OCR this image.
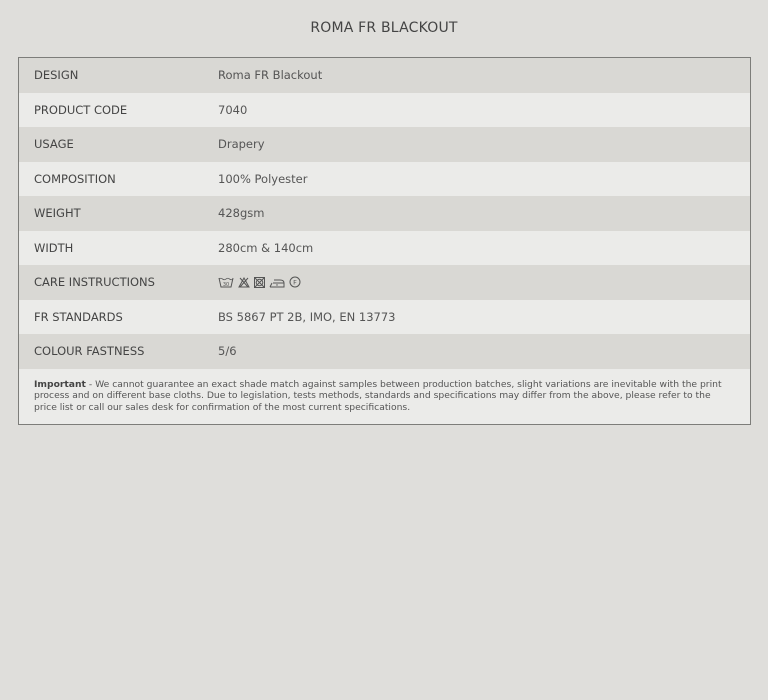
ROMA FR BLACKOUT
DESIGN	Roma FR Blackout
PRODUCT CODE	7040
USAGE	Drapery
COMPOSITION	100% Polyester
WEIGHT	428gsm
WIDTH	280cm & 140cm
CARE INSTRUCTIONS	30	F
FR STANDARDS	BS 5867 PT 2B, IMO, EN 13773
COLOUR FASTNESS	5/6
Important - We cannot guarantee an exact shade match against samples between production batches, slight variations are inevitable with the print process and on different base cloths. Due to legislation, tests methods, standards and specifications may differ from the above, please refer to the price list or call our sales desk for confirmation of the most current specifications.
